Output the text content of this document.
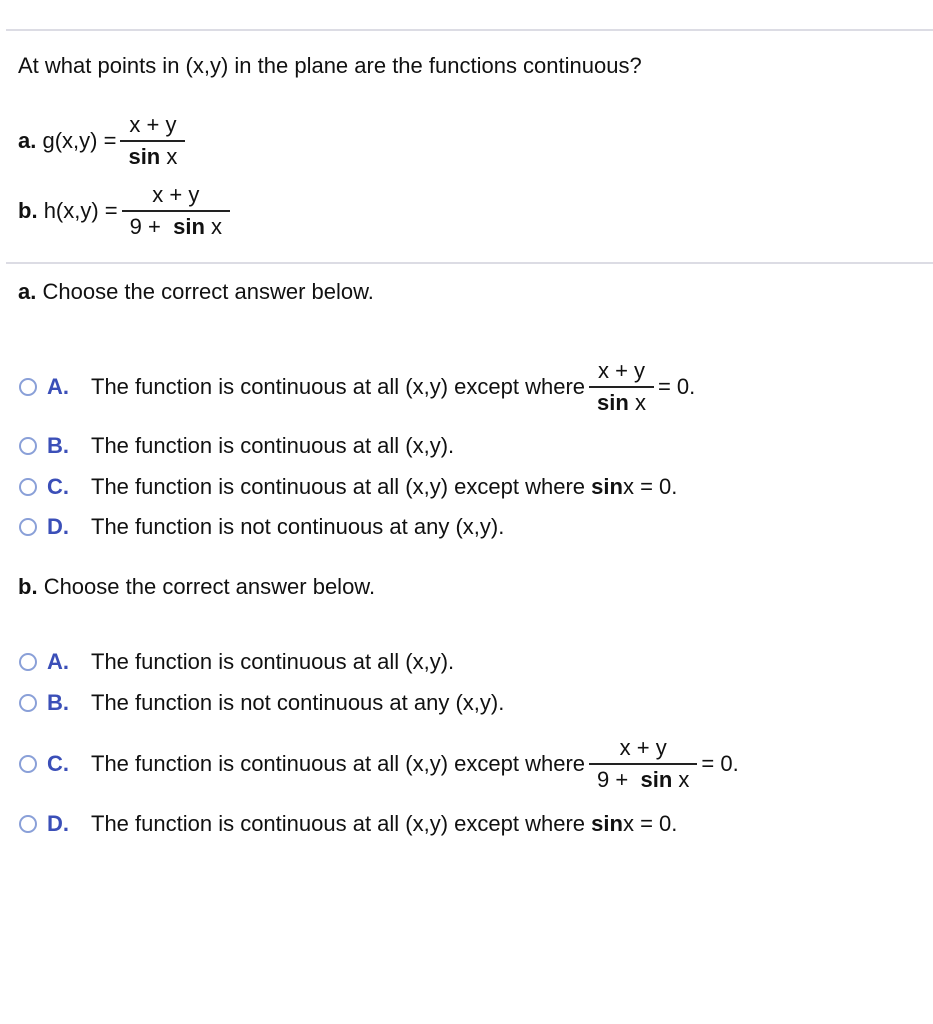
At what points in (x,y) in the plane are the functions continuous?
a.
$g(x,y) = \frac{x + y}{\text{sin x}}$
b.
$h(x,y) = \frac{x + y}{\text{9 +  sin x}}$
a. Choose the correct answer below.
A.	The function is continuous at all (x,y) except where $\frac{x + y}{\text{sin x}} = 0$.
B.	The function is continuous at all (x,y).
C.	The function is continuous at all (x,y) except where
sin x = 0.
D.	The function is not continuous at any (x,y).
b. Choose the correct answer below.
A.	The function is continuous at all (x,y).
B.	The function is not continuous at any (x,y).
C.	The function is continuous at all (x,y) except where $\frac{x + y}{\text{9 +  sin x}} = 0$.
D.	The function is continuous at all (x,y) except where
sin x = 0.
